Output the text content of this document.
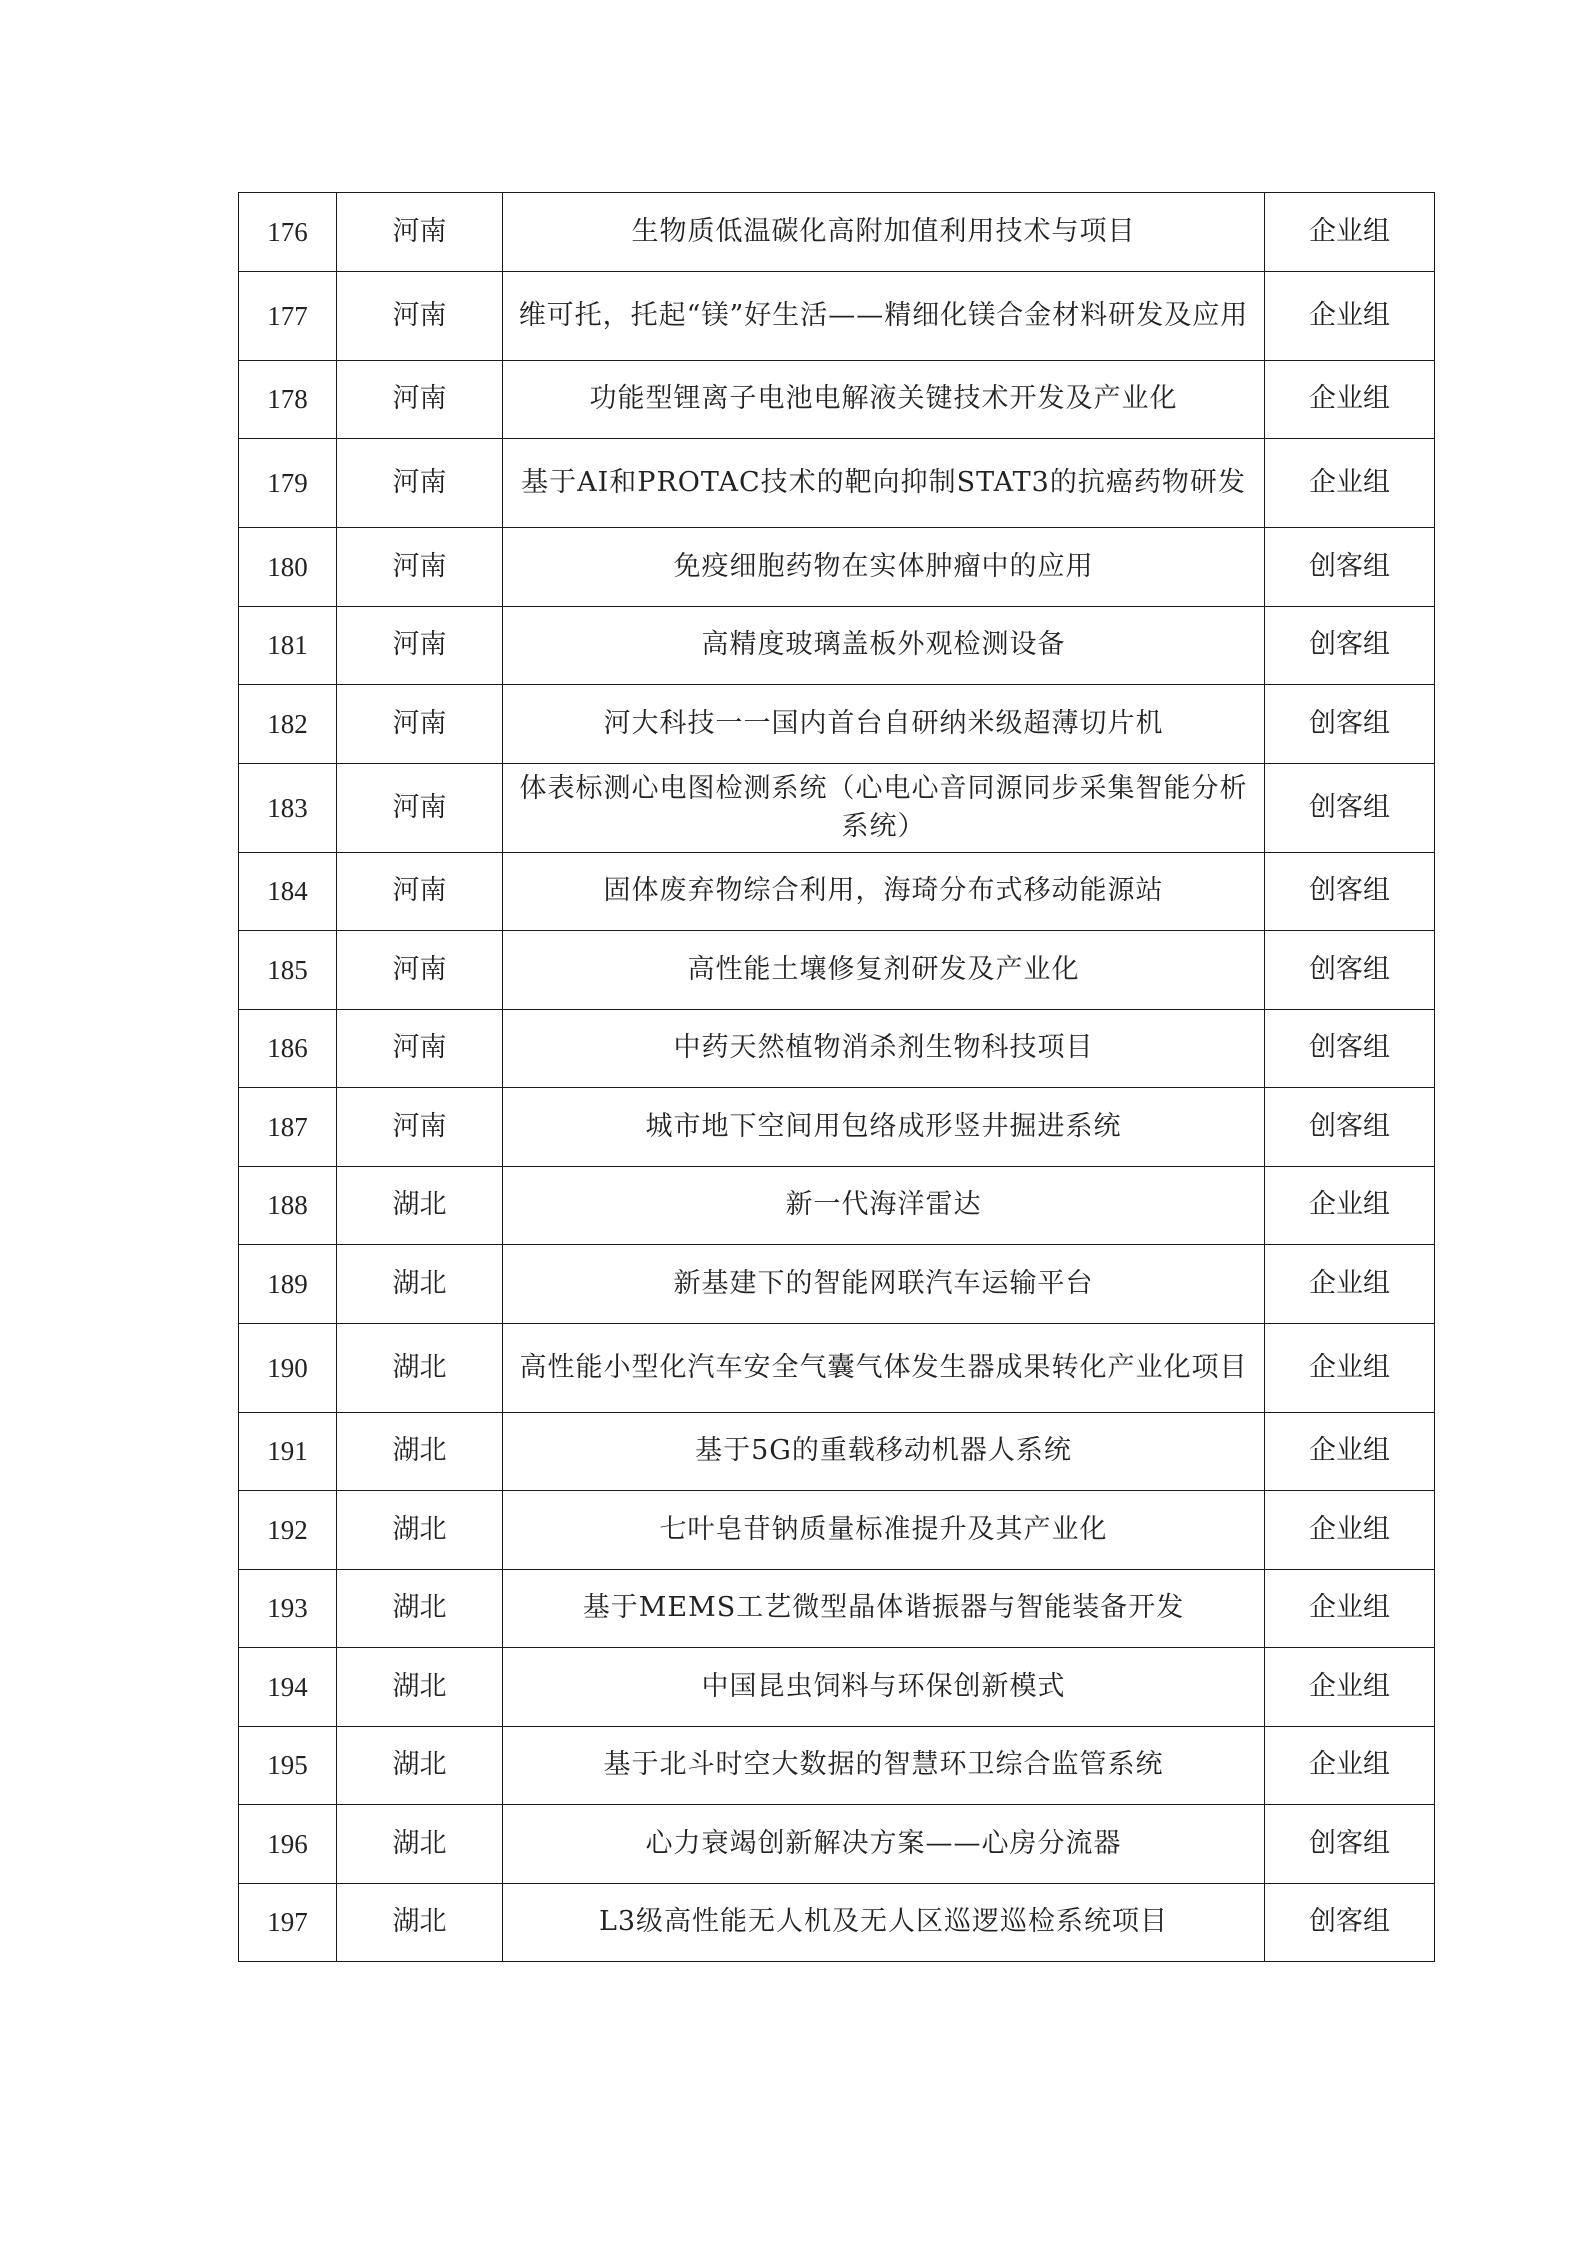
176	河南	生物质低温碳化高附加值利用技术与项目	企业组
177	河南	维可托，托起“镁”好生活——精细化镁合金材料研发及应用	企业组
178	河南	功能型锂离子电池电解液关键技术开发及产业化	企业组
179	河南	基于AI和PROTAC技术的靶向抑制STAT3的抗癌药物研发	企业组
180	河南	免疫细胞药物在实体肿瘤中的应用	创客组
181	河南	高精度玻璃盖板外观检测设备	创客组
182	河南	河大科技一一国内首台自研纳米级超薄切片机	创客组
183	河南	体表标测心电图检测系统（心电心音同源同步采集智能分析系统）	创客组
184	河南	固体废弃物综合利用，海琦分布式移动能源站	创客组
185	河南	高性能土壤修复剂研发及产业化	创客组
186	河南	中药天然植物消杀剂生物科技项目	创客组
187	河南	城市地下空间用包络成形竖井掘进系统	创客组
188	湖北	新一代海洋雷达	企业组
189	湖北	新基建下的智能网联汽车运输平台	企业组
190	湖北	高性能小型化汽车安全气囊气体发生器成果转化产业化项目	企业组
191	湖北	基于5G的重载移动机器人系统	企业组
192	湖北	七叶皂苷钠质量标准提升及其产业化	企业组
193	湖北	基于MEMS工艺微型晶体谐振器与智能装备开发	企业组
194	湖北	中国昆虫饲料与环保创新模式	企业组
195	湖北	基于北斗时空大数据的智慧环卫综合监管系统	企业组
196	湖北	心力衰竭创新解决方案——心房分流器	创客组
197	湖北	L3级高性能无人机及无人区巡逻巡检系统项目	创客组
